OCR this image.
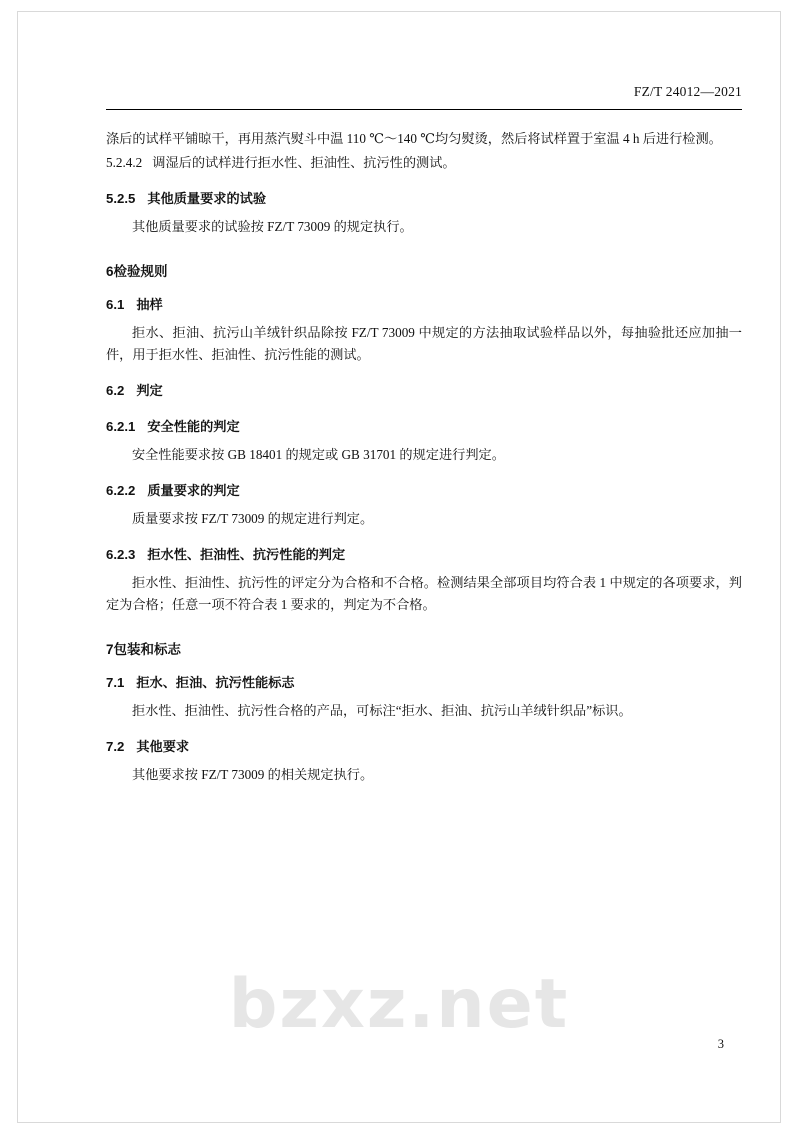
FZ/T 24012—2021

涤后的试样平铺晾干，再用蒸汽熨斗中温 110 ℃～140 ℃均匀熨烫，然后将试样置于室温 4 h 后进行检测。

5.2.4.2 调湿后的试样进行拒水性、拒油性、抗污性的测试。

5.2.5 其他质量要求的试验

其他质量要求的试验按 FZ/T 73009 的规定执行。

6检验规则
6.1 抽样

拒水、拒油、抗污山羊绒针织品除按 FZ/T 73009 中规定的方法抽取试验样品以外，每抽验批还应加抽一件，用于拒水性、拒油性、抗污性能的测试。

6.2 判定
6.2.1 安全性能的判定

安全性能要求按 GB 18401 的规定或 GB 31701 的规定进行判定。

6.2.2 质量要求的判定

质量要求按 FZ/T 73009 的规定进行判定。

6.2.3 拒水性、拒油性、抗污性能的判定

拒水性、拒油性、抗污性的评定分为合格和不合格。检测结果全部项目均符合表 1 中规定的各项要求，判定为合格；任意一项不符合表 1 要求的，判定为不合格。

7包装和标志
7.1 拒水、拒油、抗污性能标志

拒水性、拒油性、抗污性合格的产品，可标注“拒水、拒油、抗污山羊绒针织品”标识。

7.2 其他要求

其他要求按 FZ/T 73009 的相关规定执行。

bzxz.net	3
